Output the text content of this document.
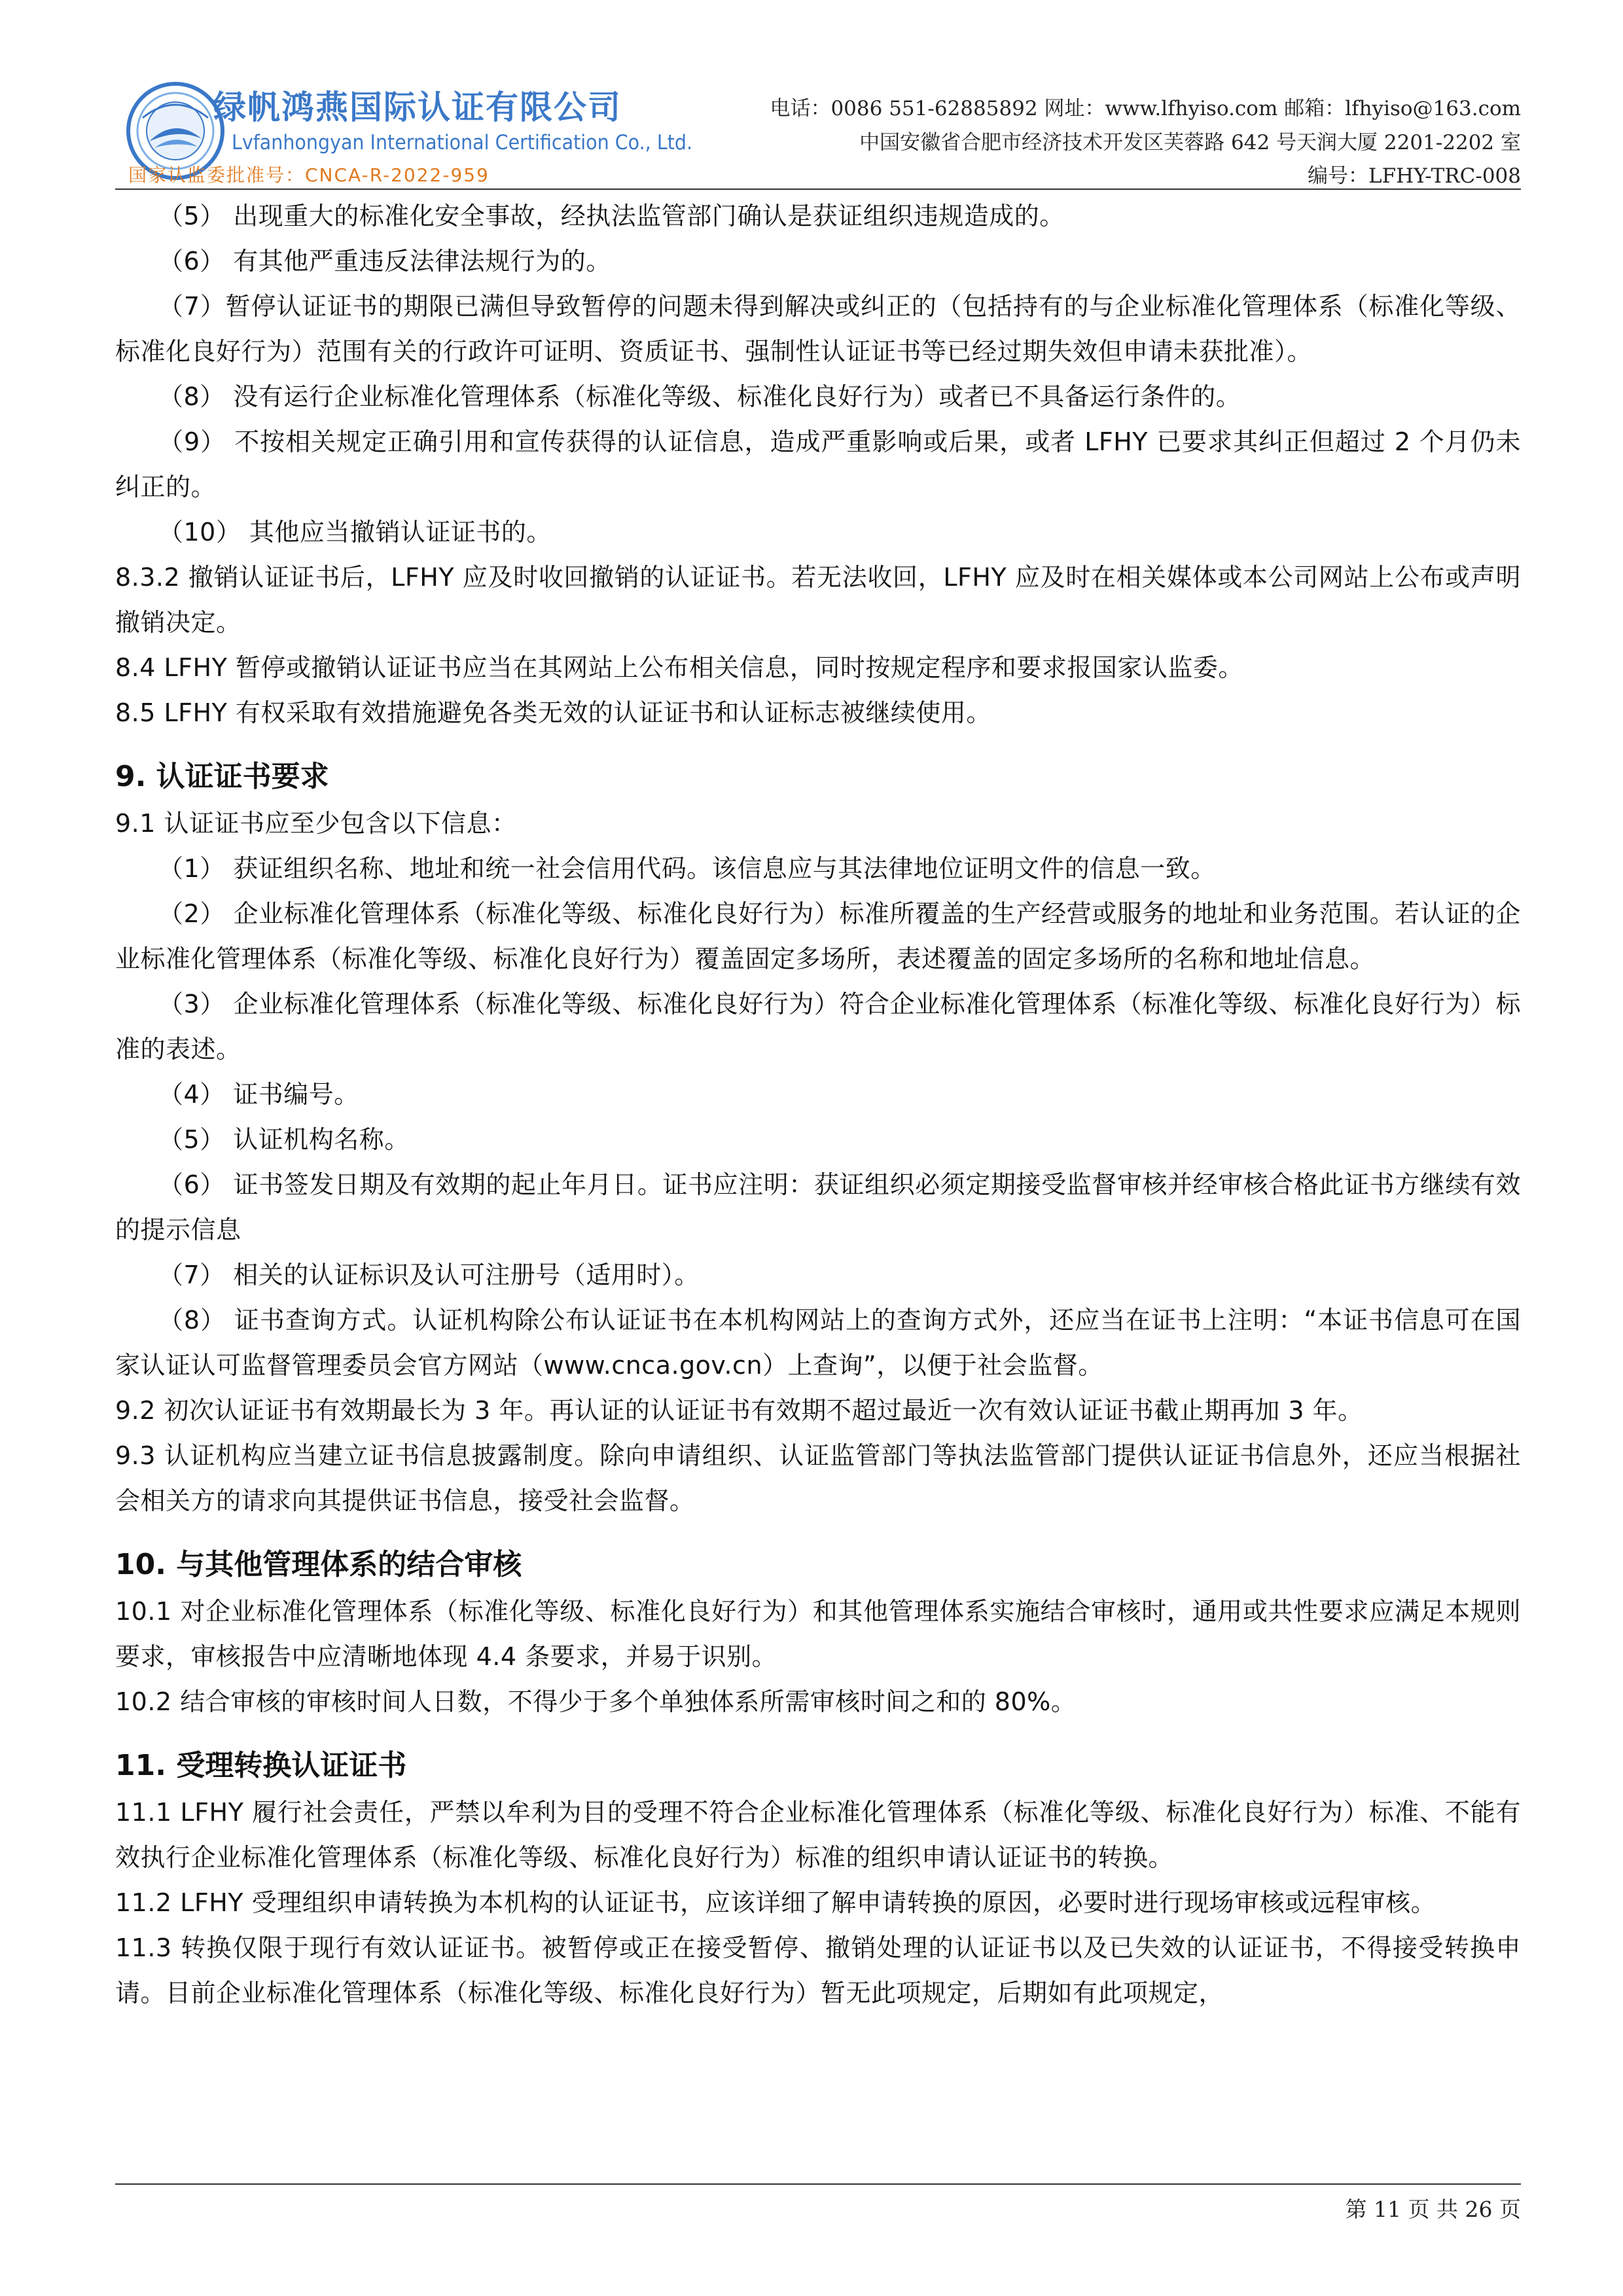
绿帆鸿燕国际认证有限公司
Lvfanhongyan International Certification Co., Ltd.
国家认监委批准号：CNCA-R-2022-959
电话：0086 551-62885892 网址：www.lfhyiso.com 邮箱：lfhyiso@163.com
中国安徽省合肥市经济技术开发区芙蓉路 642 号天润大厦 2201-2202 室
编号：LFHY-TRC-008

（5） 出现重大的标准化安全事故，经执法监管部门确认是获证组织违规造成的。

（6） 有其他严重违反法律法规行为的。

（7）暂停认证证书的期限已满但导致暂停的问题未得到解决或纠正的（包括持有的与企业标准化管理体系（标准化等级、标准化良好行为）范围有关的行政许可证明、资质证书、强制性认证证书等已经过期失效但申请未获批准）。

（8） 没有运行企业标准化管理体系（标准化等级、标准化良好行为）或者已不具备运行条件的。

（9） 不按相关规定正确引用和宣传获得的认证信息，造成严重影响或后果，或者 LFHY 已要求其纠正但超过 2 个月仍未纠正的。

（10） 其他应当撤销认证证书的。

8.3.2 撤销认证证书后，LFHY 应及时收回撤销的认证证书。若无法收回，LFHY 应及时在相关媒体或本公司网站上公布或声明撤销决定。

8.4 LFHY 暂停或撤销认证证书应当在其网站上公布相关信息，同时按规定程序和要求报国家认监委。

8.5 LFHY 有权采取有效措施避免各类无效的认证证书和认证标志被继续使用。

9. 认证证书要求

9.1 认证证书应至少包含以下信息：

（1） 获证组织名称、地址和统一社会信用代码。该信息应与其法律地位证明文件的信息一致。

（2） 企业标准化管理体系（标准化等级、标准化良好行为）标准所覆盖的生产经营或服务的地址和业务范围。若认证的企业标准化管理体系（标准化等级、标准化良好行为）覆盖固定多场所，表述覆盖的固定多场所的名称和地址信息。

（3） 企业标准化管理体系（标准化等级、标准化良好行为）符合企业标准化管理体系（标准化等级、标准化良好行为）标准的表述。

（4） 证书编号。

（5） 认证机构名称。

（6） 证书签发日期及有效期的起止年月日。证书应注明：获证组织必须定期接受监督审核并经审核合格此证书方继续有效的提示信息

（7） 相关的认证标识及认可注册号（适用时）。

（8） 证书查询方式。认证机构除公布认证证书在本机构网站上的查询方式外，还应当在证书上注明：“本证书信息可在国家认证认可监督管理委员会官方网站（www.cnca.gov.cn）上查询”，以便于社会监督。

9.2 初次认证证书有效期最长为 3 年。再认证的认证证书有效期不超过最近一次有效认证证书截止期再加 3 年。

9.3 认证机构应当建立证书信息披露制度。除向申请组织、认证监管部门等执法监管部门提供认证证书信息外，还应当根据社会相关方的请求向其提供证书信息，接受社会监督。

10. 与其他管理体系的结合审核

10.1 对企业标准化管理体系（标准化等级、标准化良好行为）和其他管理体系实施结合审核时，通用或共性要求应满足本规则要求，审核报告中应清晰地体现 4.4 条要求，并易于识别。

10.2 结合审核的审核时间人日数，不得少于多个单独体系所需审核时间之和的 80%。

11. 受理转换认证证书

11.1 LFHY 履行社会责任，严禁以牟利为目的受理不符合企业标准化管理体系（标准化等级、标准化良好行为）标准、不能有效执行企业标准化管理体系（标准化等级、标准化良好行为）标准的组织申请认证证书的转换。

11.2 LFHY 受理组织申请转换为本机构的认证证书，应该详细了解申请转换的原因，必要时进行现场审核或远程审核。

11.3 转换仅限于现行有效认证证书。被暂停或正在接受暂停、撤销处理的认证证书以及已失效的认证证书，不得接受转换申请。目前企业标准化管理体系（标准化等级、标准化良好行为）暂无此项规定，后期如有此项规定，

第 11 页 共 26 页
